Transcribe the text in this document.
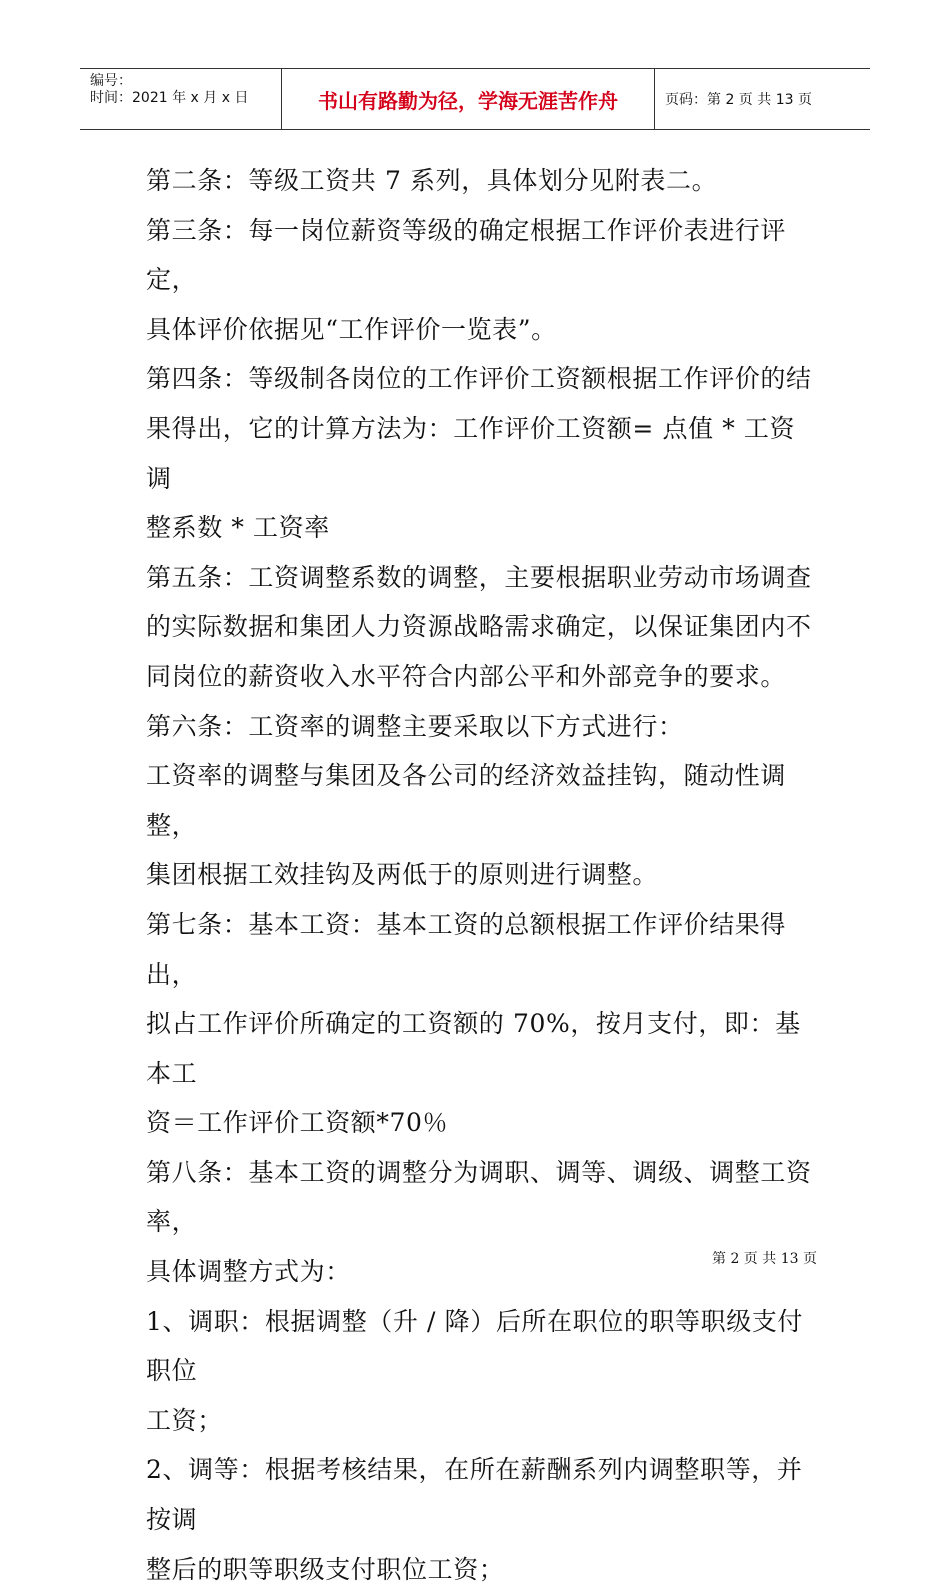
编号：
时间：2021 年 x 月 x 日	书山有路勤为径，学海无涯苦作舟	页码：第 2 页 共 13 页

第二条：等级工资共 7 系列，具体划分见附表二。

第三条：每一岗位薪资等级的确定根据工作评价表进行评定，

具体评价依据见“工作评价一览表”。

第四条：等级制各岗位的工作评价工资额根据工作评价的结

果得出，它的计算方法为：工作评价工资额= 点值 * 工资调

整系数 * 工资率

第五条：工资调整系数的调整，主要根据职业劳动市场调查

的实际数据和集团人力资源战略需求确定，以保证集团内不

同岗位的薪资收入水平符合内部公平和外部竞争的要求。

第六条：工资率的调整主要采取以下方式进行：

工资率的调整与集团及各公司的经济效益挂钩，随动性调整，

集团根据工效挂钩及两低于的原则进行调整。

第七条：基本工资：基本工资的总额根据工作评价结果得出，

拟占工作评价所确定的工资额的 70%，按月支付，即：基本工

资＝工作评价工资额*70％

第八条：基本工资的调整分为调职、调等、调级、调整工资率，

具体调整方式为：

1、调职：根据调整（升 / 降）后所在职位的职等职级支付职位

工资；

2、调等：根据考核结果，在所在薪酬系列内调整职等，并按调

整后的职等职级支付职位工资；

第 2 页 共 13 页
